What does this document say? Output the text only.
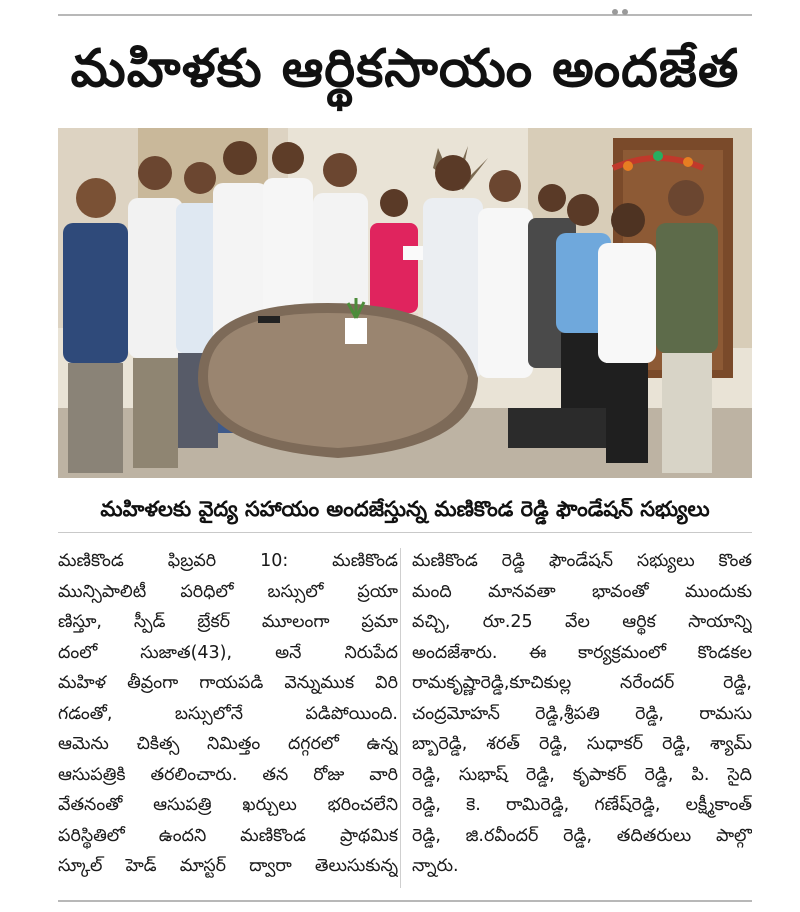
మహిళకు ఆర్థికసాయం అందజేత
మహిళలకు వైద్య సహాయం అందజేస్తున్న మణికొండ రెడ్డి ఫౌండేషన్ సభ్యులు
మణికొండ ఫిబ్రవరి 10: మణికొండ
మున్సిపాలిటీ పరిధిలో బస్సులో ప్రయా
ణిస్తూ, స్పీడ్ బ్రేకర్ మూలంగా ప్రమా
దంలో సుజాత(43), అనే నిరుపేద
మహిళ తీవ్రంగా గాయపడి వెన్నుముక విరి
గడంతో, బస్సులోనే పడిపోయింది.
ఆమెను చికిత్స నిమిత్తం దగ్గరలో ఉన్న
ఆసుపత్రికి తరలించారు. తన రోజు వారి
వేతనంతో ఆసుపత్రి ఖర్చులు భరించలేని
పరిస్థితిలో ఉందని మణికొండ ప్రాథమిక
స్కూల్ హెడ్ మాస్టర్ ద్వారా తెలుసుకున్న
మణికొండ రెడ్డి ఫౌండేషన్ సభ్యులు కొంత
మంది మానవతా భావంతో ముందుకు
వచ్చి, రూ.25 వేల ఆర్థిక సాయాన్ని
అందజేశారు. ఈ కార్యక్రమంలో కొండకల
రామకృష్ణారెడ్డి,కూచికుల్ల నరేందర్ రెడ్డి,
చంద్రమోహన్ రెడ్డి,శ్రీపతి రెడ్డి, రామసు
బ్బారెడ్డి, శరత్ రెడ్డి, సుధాకర్ రెడ్డి, శ్యామ్
రెడ్డి, సుభాష్ రెడ్డి, కృపాకర్ రెడ్డి, పి. సైది
రెడ్డి, కె. రామిరెడ్డి, గణేష్‌రెడ్డి, లక్ష్మీకాంత్
రెడ్డి, జి.రవీందర్ రెడ్డి, తదితరులు పాల్గొ
న్నారు.
